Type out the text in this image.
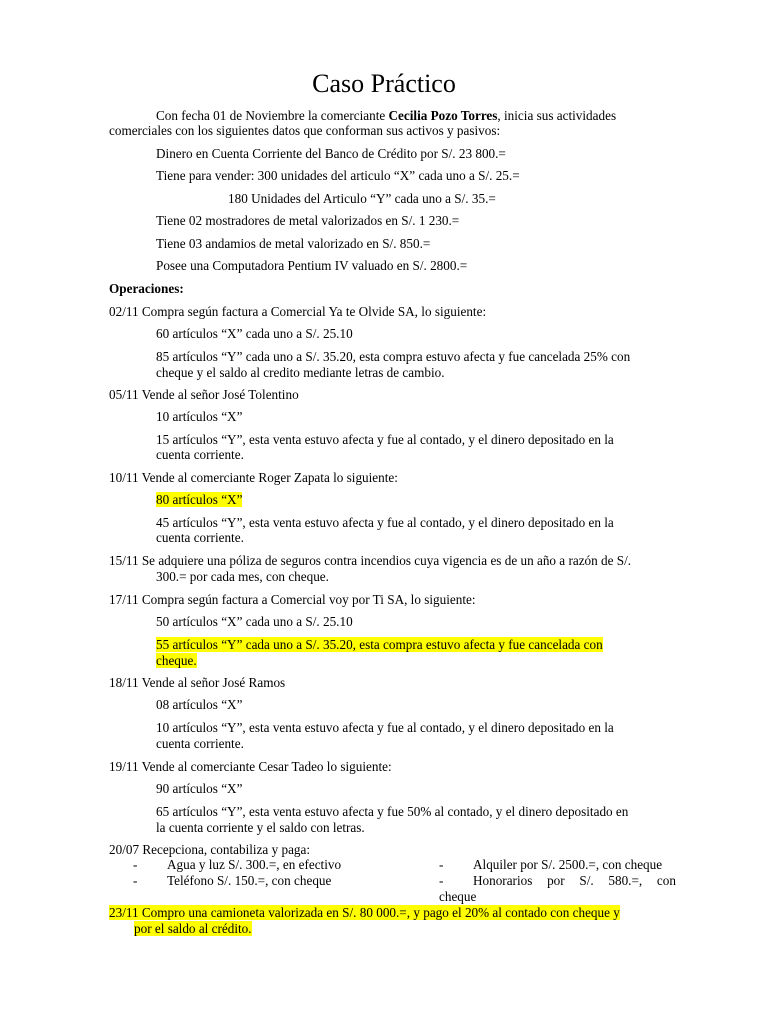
Caso Práctico
Con fecha 01 de Noviembre la comerciante Cecilia Pozo Torres, inicia sus actividades
comerciales con los siguientes datos que conforman sus activos y pasivos:
Dinero en Cuenta Corriente del Banco de Crédito por S/. 23 800.=
Tiene para vender: 300 unidades del articulo “X” cada uno a S/. 25.=
180 Unidades del Articulo “Y” cada uno a S/. 35.=
Tiene 02 mostradores de metal valorizados en S/. 1 230.=
Tiene 03 andamios de metal valorizado en S/. 850.=
Posee una Computadora Pentium IV valuado en S/. 2800.=
Operaciones:
02/11 Compra según factura a Comercial Ya te Olvide SA, lo siguiente:
60 artículos “X” cada uno a S/. 25.10
85 artículos “Y” cada uno a S/. 35.20, esta compra estuvo afecta y fue cancelada 25% con
cheque y el saldo al credito mediante letras de cambio.
05/11 Vende al señor José Tolentino
10 artículos “X”
15 artículos “Y”, esta venta estuvo afecta y fue al contado, y el dinero depositado en la
cuenta corriente.
10/11 Vende al comerciante Roger Zapata lo siguiente:
80 artículos “X”
45 artículos “Y”, esta venta estuvo afecta y fue al contado, y el dinero depositado en la
cuenta corriente.
15/11 Se adquiere una póliza de seguros contra incendios cuya vigencia es de un año a razón de S/.
300.= por cada mes, con cheque.
17/11 Compra según factura a Comercial voy por Ti SA, lo siguiente:
50 artículos “X” cada uno a S/. 25.10
55 artículos “Y” cada uno a S/. 35.20, esta compra estuvo afecta y fue cancelada con
cheque.
18/11 Vende al señor José Ramos
08 artículos “X”
10 artículos “Y”, esta venta estuvo afecta y fue al contado, y el dinero depositado en la
cuenta corriente.
19/11 Vende al comerciante Cesar Tadeo lo siguiente:
90 artículos “X”
65 artículos “Y”, esta venta estuvo afecta y fue 50% al contado, y el dinero depositado en
la cuenta corriente y el saldo con letras.
20/07 Recepciona, contabiliza y paga:
- Agua y luz S/. 300.=, en efectivo
- Teléfono S/. 150.=, con cheque
- Alquiler por S/. 2500.=, con cheque
- Honorarios por S/. 580.=, con
cheque
23/11 Compro una camioneta valorizada en S/. 80 000.=, y pago el 20% al contado con cheque y
por el saldo al crédito.
